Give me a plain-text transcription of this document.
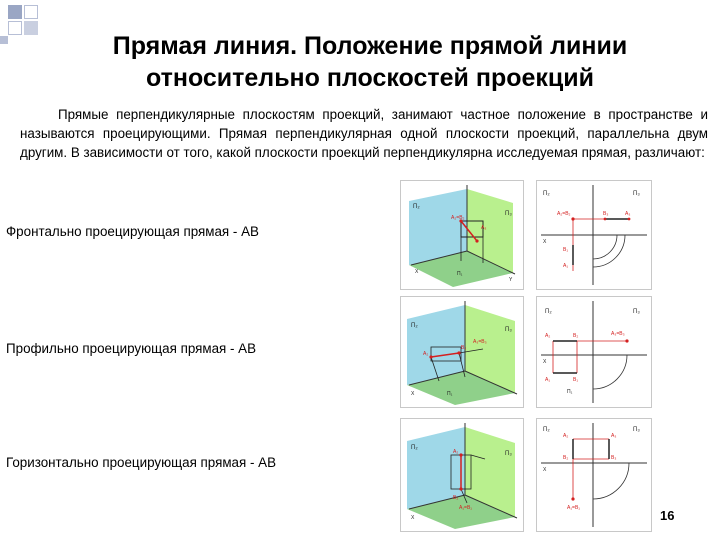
Прямая линия. Положение прямой линии
относительно плоскостей проекций
Прямые перпендикулярные плоскостям проекций, занимают частное положение в пространстве и называются проецирующими. Прямая перпендикулярная одной плоскости проекций, параллельна двум другим. В зависимости от того, какой плоскости проекций перпендикулярна исследуемая прямая, различают:
Фронтально проецирующая прямая - АВ
Профильно проецирующая прямая - АВ
Горизонтально проецирующая прямая - АВ
П₂
П₃
A₂=B₂
A₃
П₁
X
Y
П₂	П₃
A₂=B₂	B₃	A₃
B₁
A₁
X
П₂
П₃
A₂
B₂
A₃=B₃
П₁
X
П₂	П₃
A₂	B₂	A₃=B₃
A₁	B₁
П₁
X
П₂
П₃
A₂
B₂
A₁=B₁
X
П₂	П₃
A₂
B₂
A₃
B₃
A₁=B₁
X
16
